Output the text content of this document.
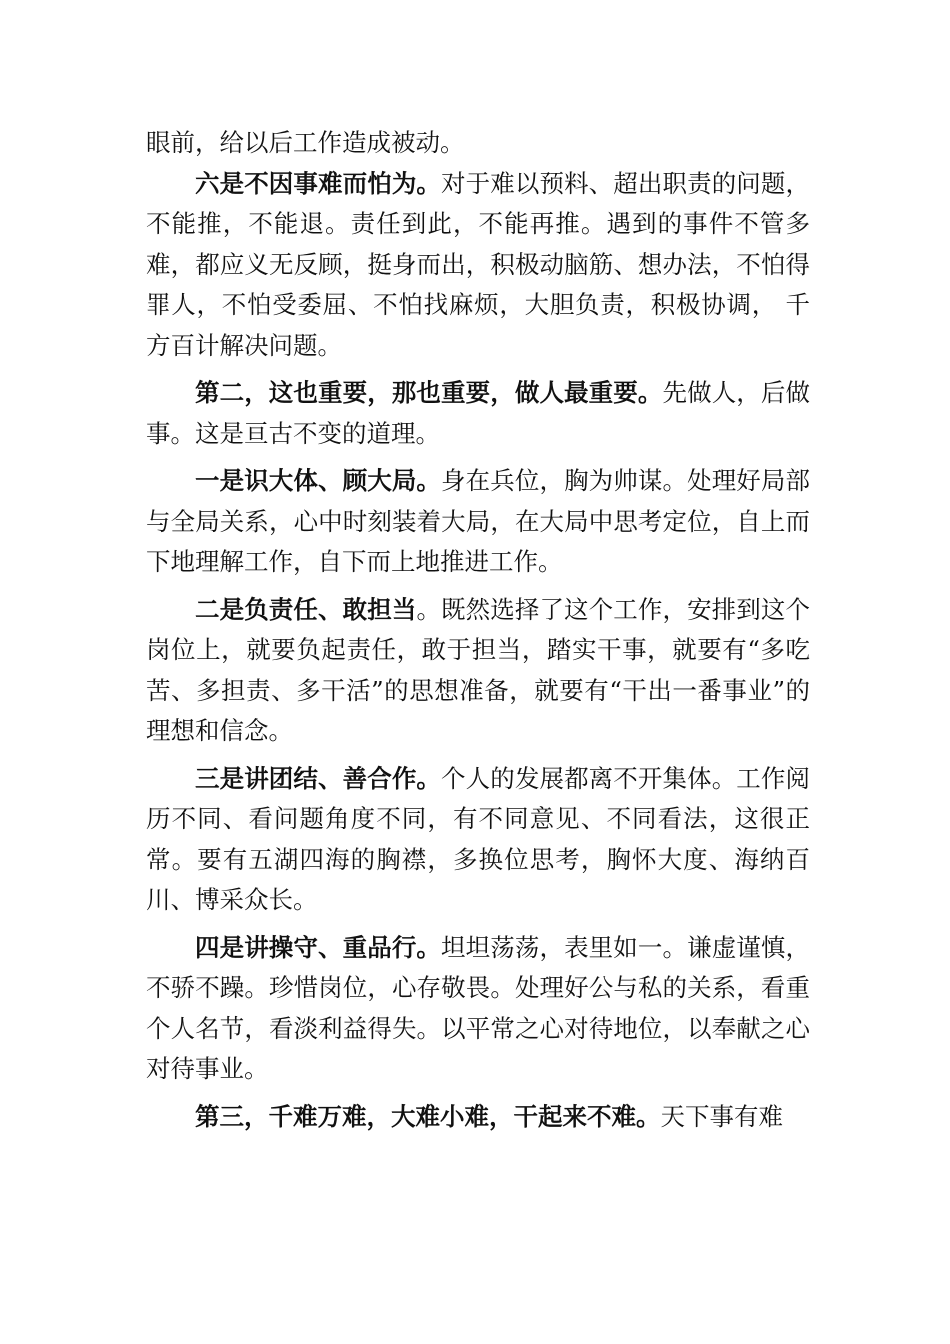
眼前，给以后工作造成被动。

六是不因事难而怕为。对于难以预料、超出职责的问题，不能推，不能退。责任到此，不能再推。遇到的事件不管多难，都应义无反顾，挺身而出，积极动脑筋、想办法，不怕得罪人，不怕受委屈、不怕找麻烦，大胆负责，积极协调， 千方百计解决问题。

第二，这也重要，那也重要，做人最重要。先做人，后做事。这是亘古不变的道理。

一是识大体、顾大局。身在兵位，胸为帅谋。处理好局部与全局关系，心中时刻装着大局，在大局中思考定位，自上而下地理解工作，自下而上地推进工作。

二是负责任、敢担当。既然选择了这个工作，安排到这个岗位上，就要负起责任，敢于担当，踏实干事，就要有“多吃苦、多担责、多干活”的思想准备，就要有“干出一番事业”的理想和信念。

三是讲团结、善合作。个人的发展都离不开集体。工作阅历不同、看问题角度不同，有不同意见、不同看法，这很正常。要有五湖四海的胸襟，多换位思考，胸怀大度、海纳百川、博采众长。

四是讲操守、重品行。坦坦荡荡，表里如一。谦虚谨慎，不骄不躁。珍惜岗位，心存敬畏。处理好公与私的关系，看重个人名节，看淡利益得失。以平常之心对待地位，以奉献之心对待事业。

第三，千难万难，大难小难，干起来不难。天下事有难
